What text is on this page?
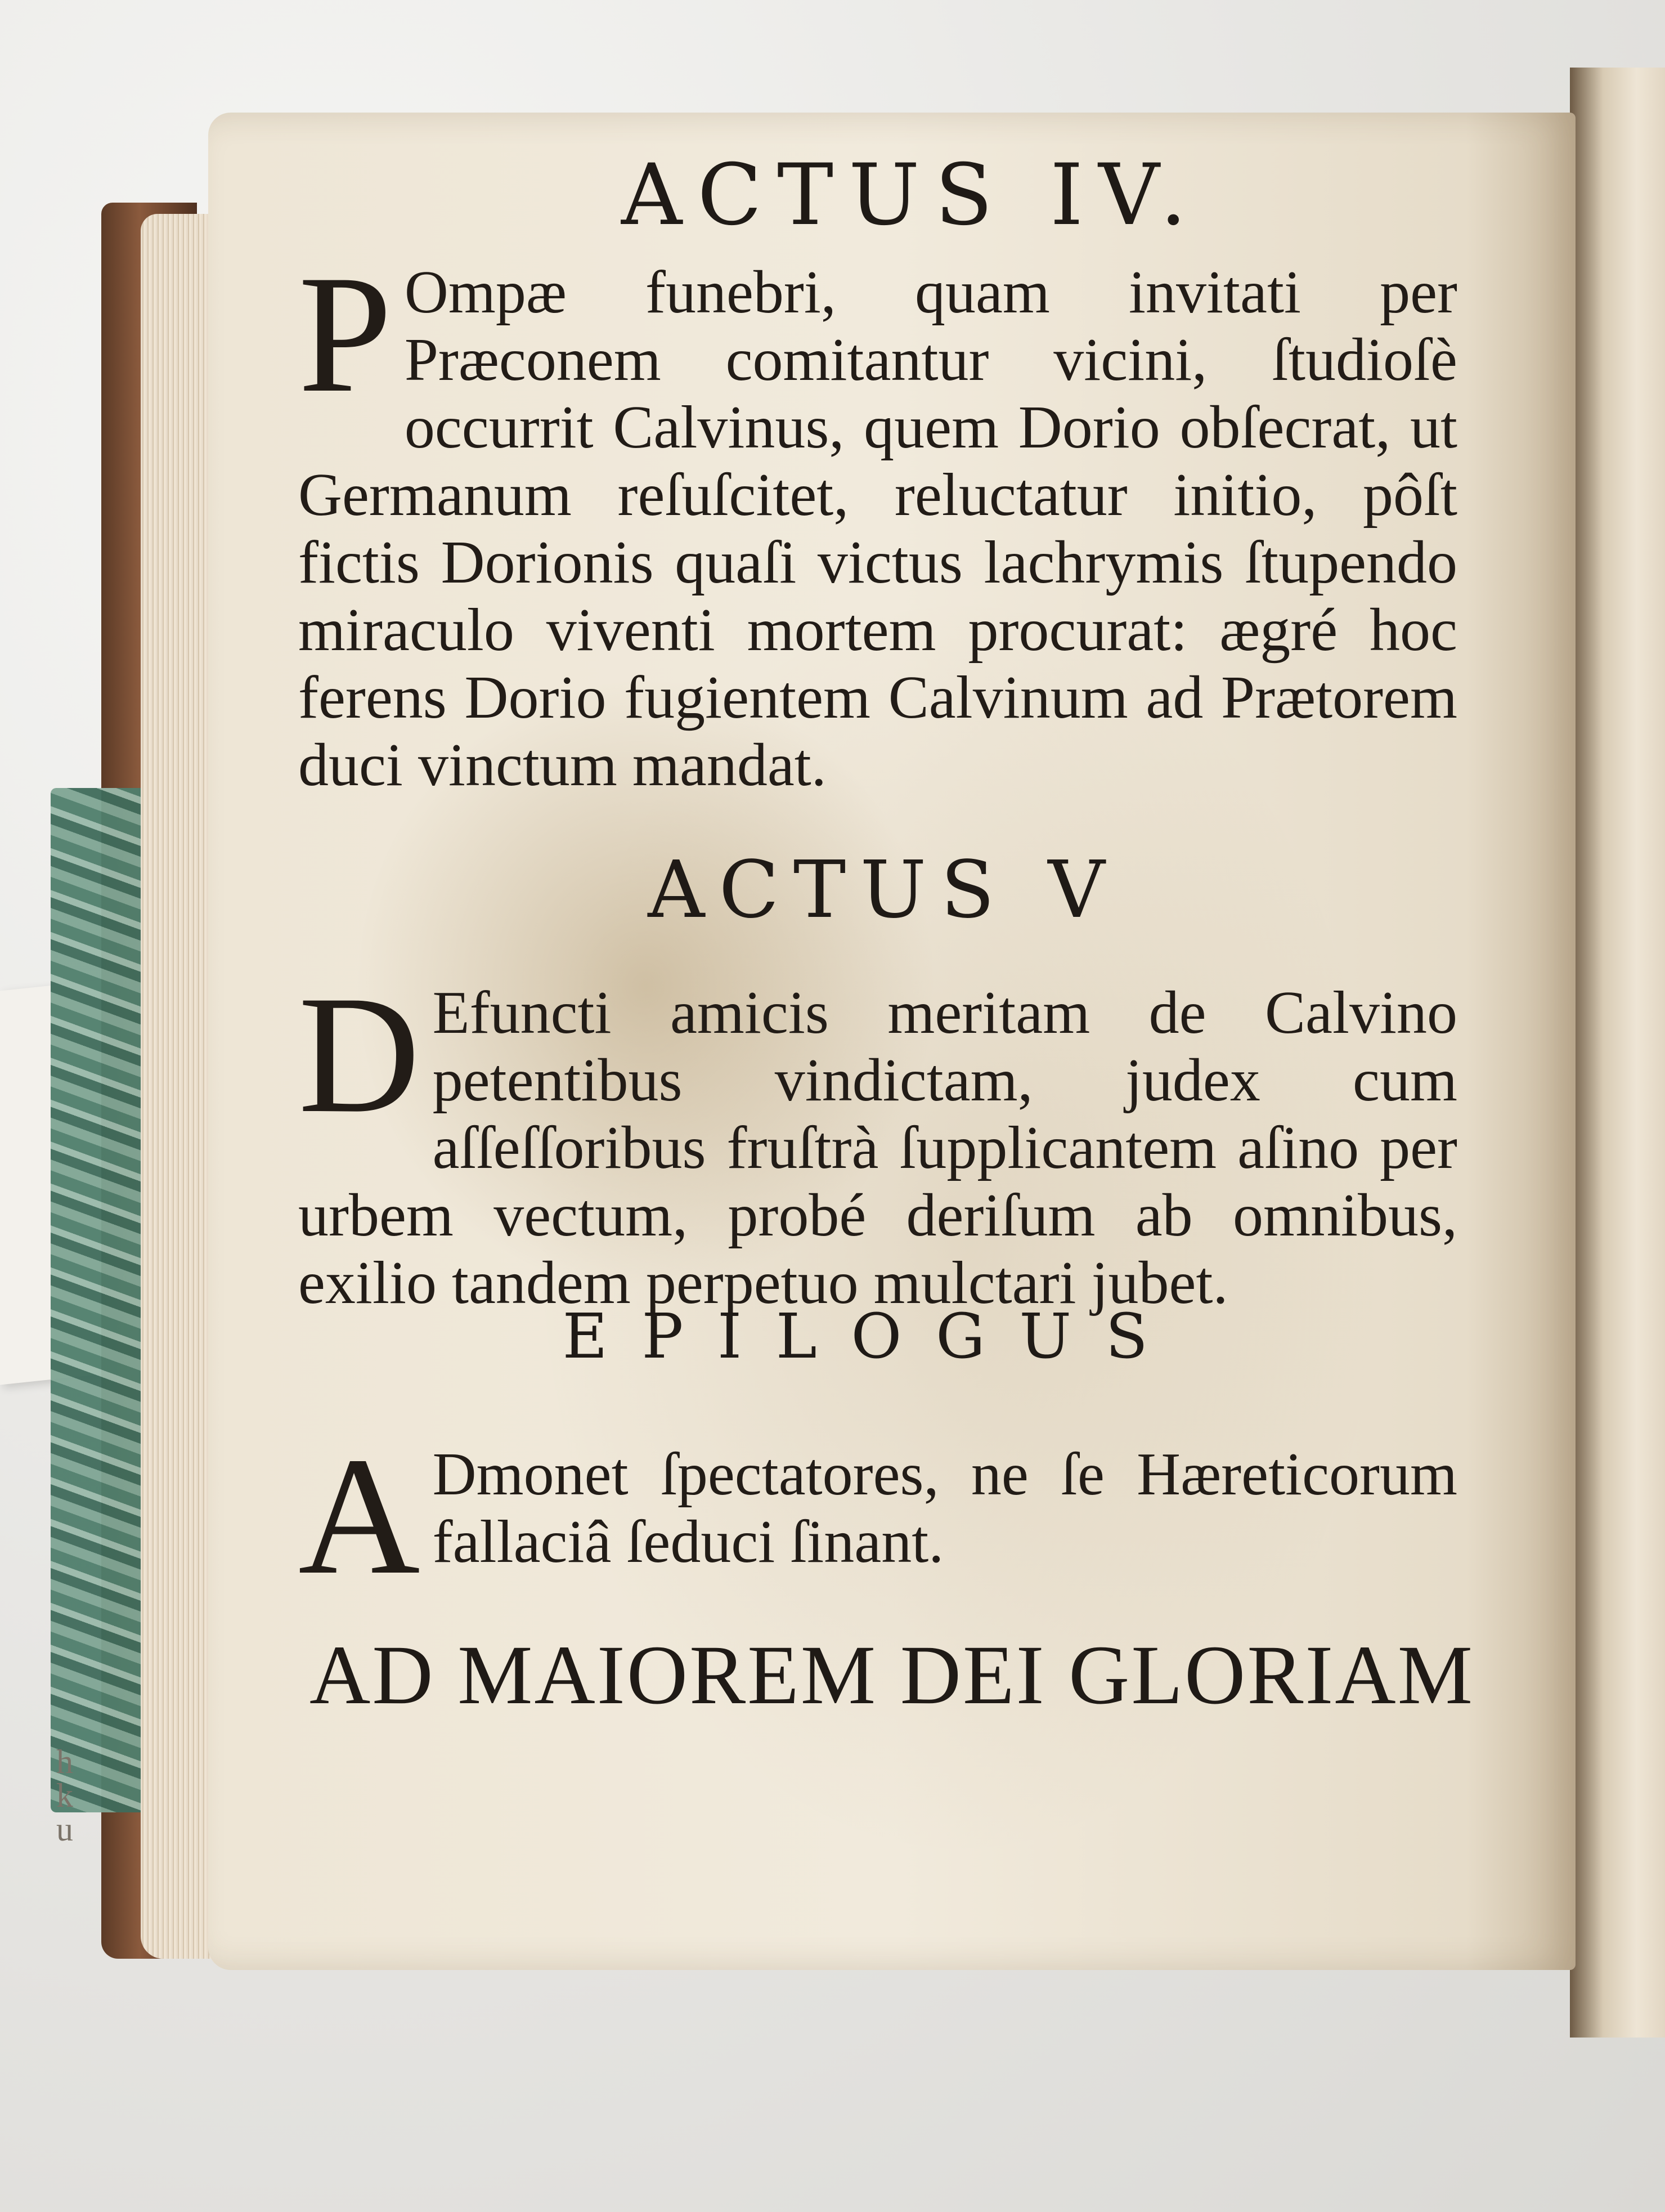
ACTUS IV.
P Ompæ funebri, quam invitati per Præconem comitantur vicini, ſtudioſè occurrit Calvinus, quem Dorio obſecrat, ut Germanum reſuſcitet, reluctatur initio, pôſt fictis Dorionis quaſi victus lachrymis ſtupendo miraculo viventi mortem procurat: ægré hoc ferens Dorio fugientem Calvinum ad Prætorem duci vinctum mandat.
ACTUS V
D Efuncti amicis meritam de Calvino petentibus vindictam, judex cum aſſeſſoribus fruſtrà ſupplicantem aſino per urbem vectum, probé deriſum ab omnibus, exilio tandem perpetuo mulctari jubet.
EPILOGUS
A Dmonet ſpectatores, ne ſe Hæreticorum fallaciâ ſeduci ſinant.
AD MAIOREM DEI GLORIAM
h
k
u
